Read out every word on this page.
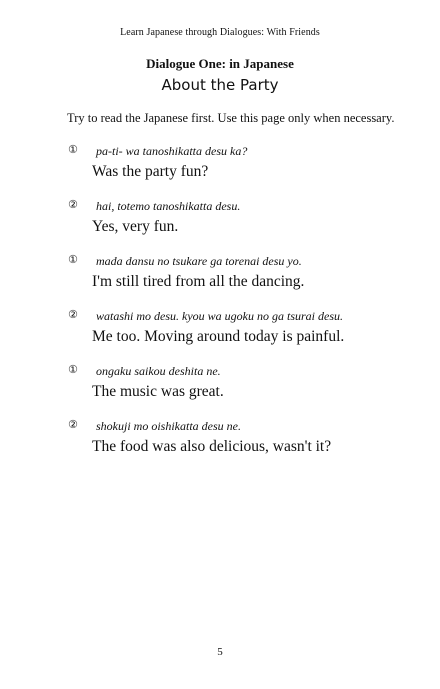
Learn Japanese through Dialogues: With Friends
Dialogue One: in Japanese
About the Party
Try to read the Japanese first. Use this page only when necessary.
① pa-ti- wa tanoshikatta desu ka?
Was the party fun?
② hai, totemo tanoshikatta desu.
Yes, very fun.
① mada dansu no tsukare ga torenai desu yo.
I'm still tired from all the dancing.
② watashi mo desu. kyou wa ugoku no ga tsurai desu.
Me too. Moving around today is painful.
① ongaku saikou deshita ne.
The music was great.
② shokuji mo oishikatta desu ne.
The food was also delicious, wasn't it?
5
